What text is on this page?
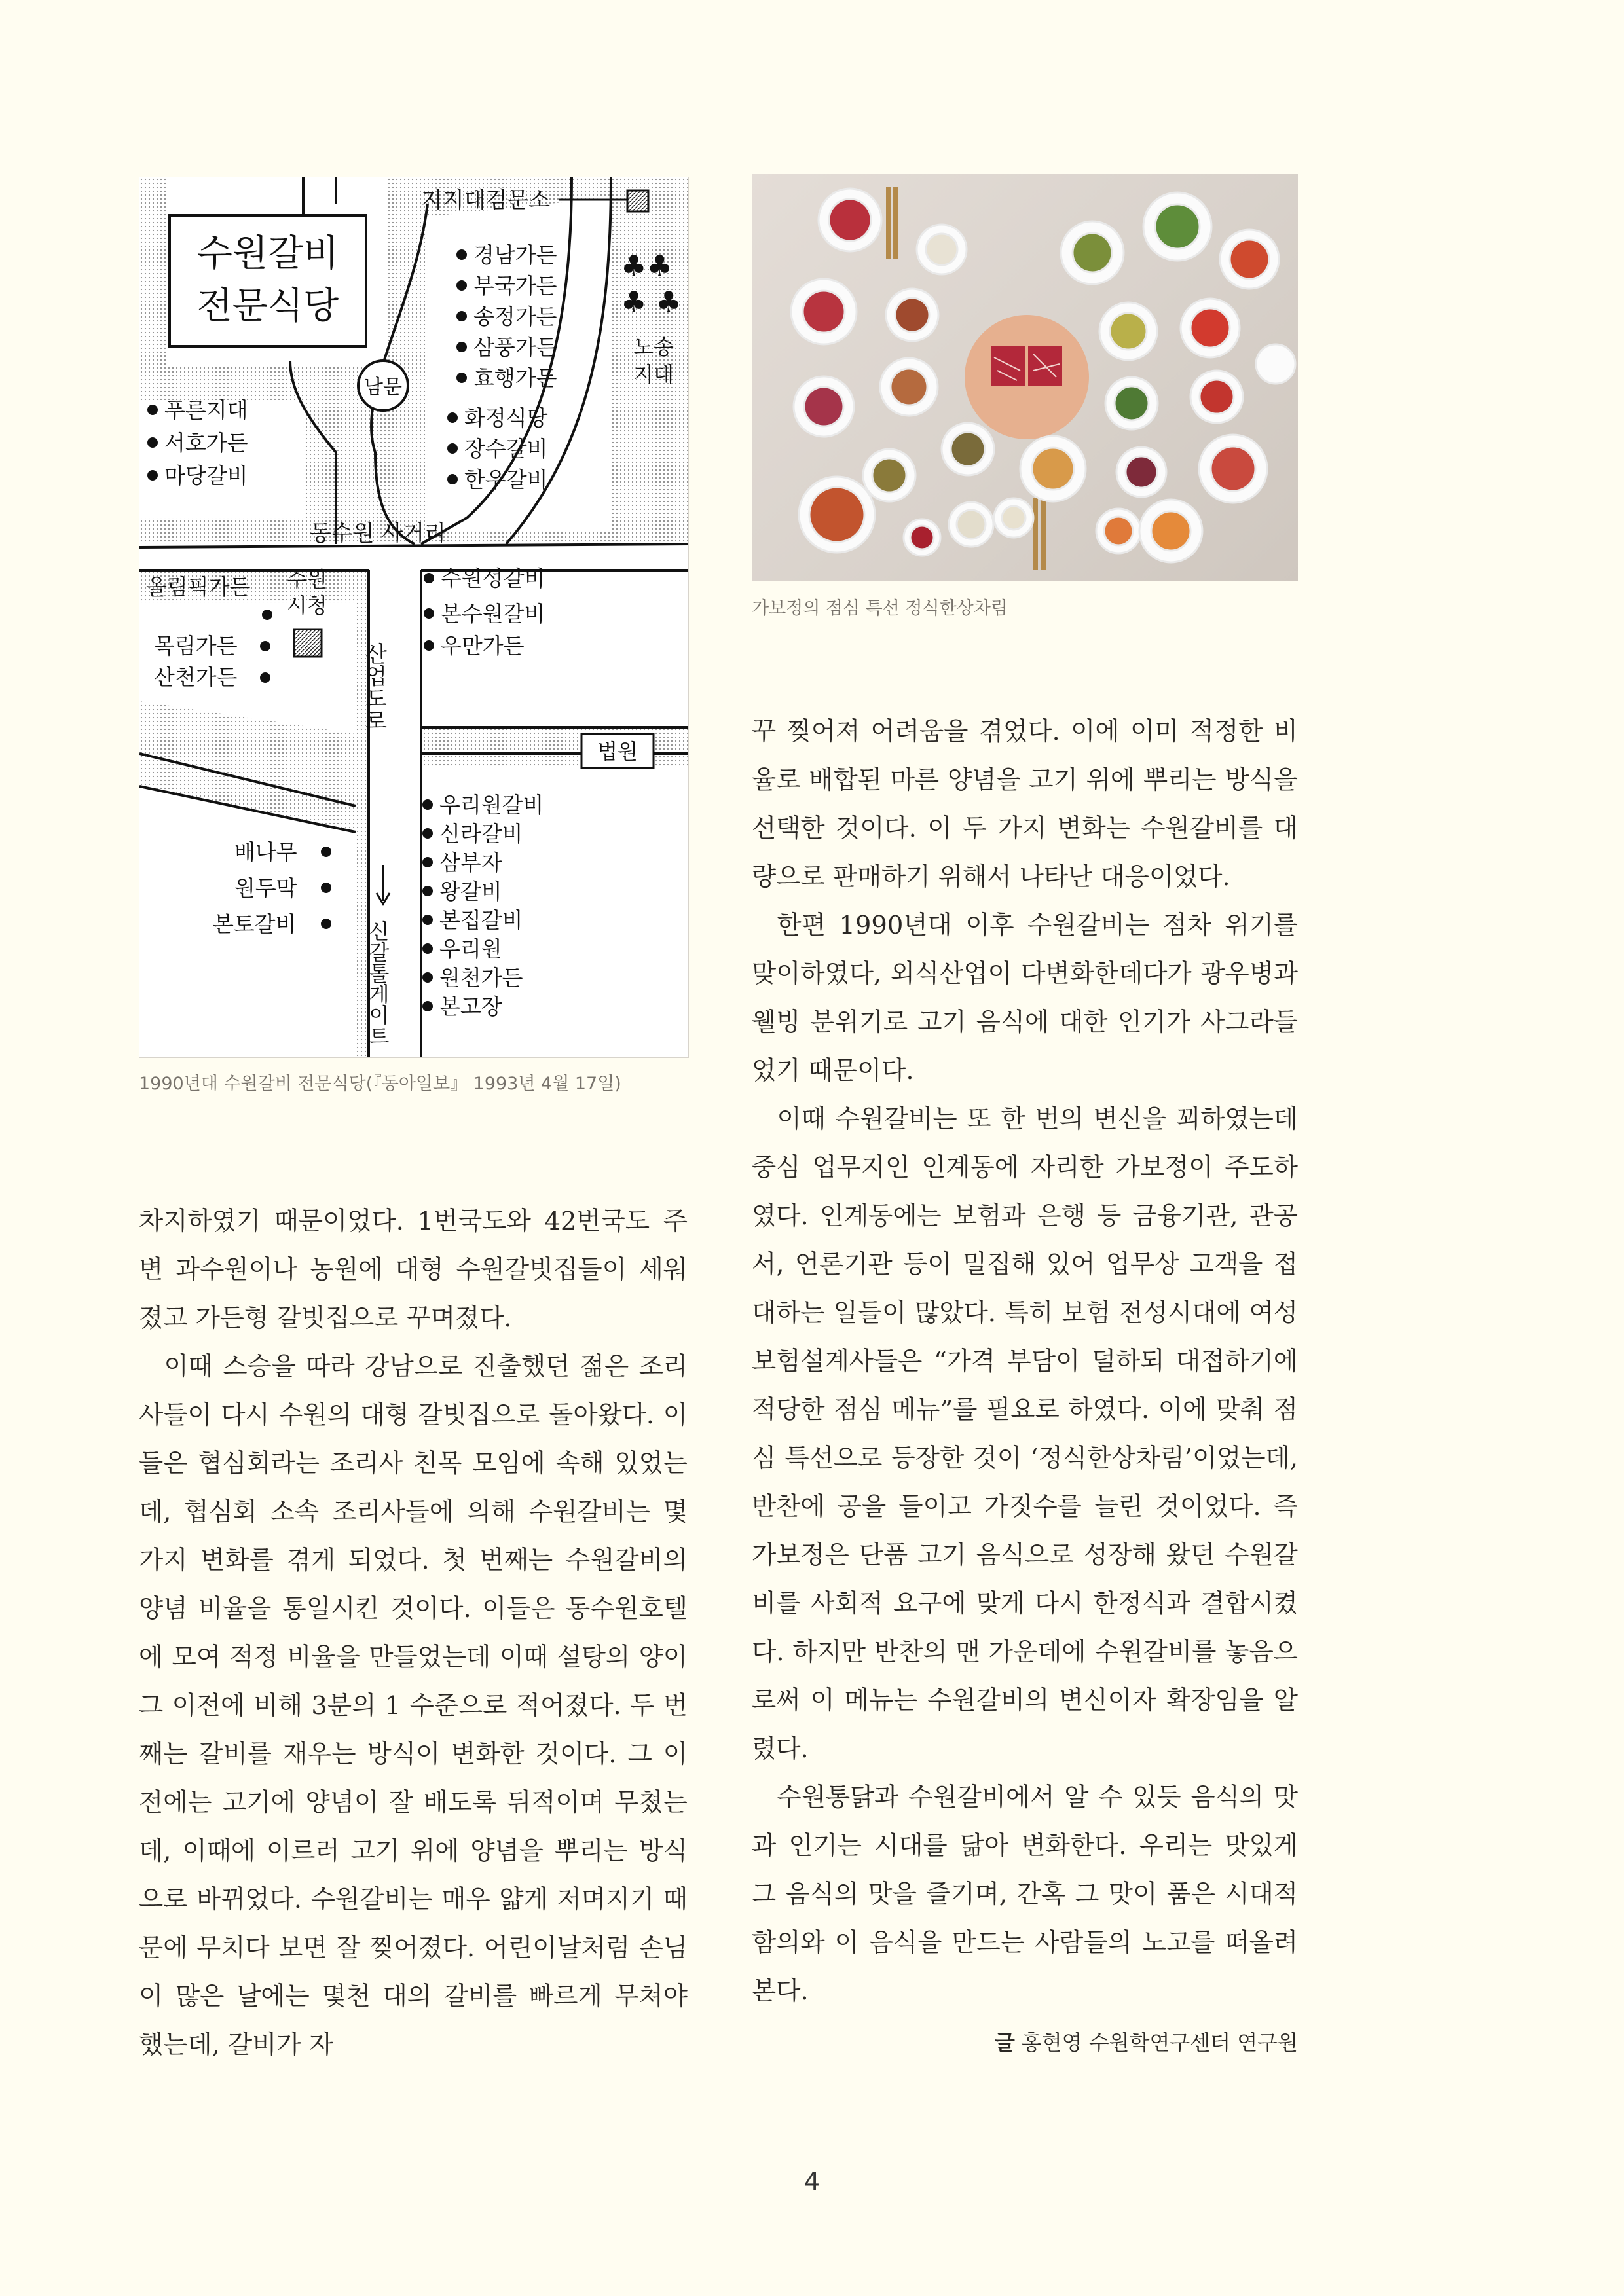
수원갈비
전문식당
지지대검문소
♣♣
♣ ♣
노송
지대
경남가든
부국가든
송정가든
삼풍가든
효행가든
남문
화정식당
장수갈비
한우갈비
푸른지대
서호가든
마당갈비
동수원 사거리
수원성갈비
본수원갈비
우만가든
올림픽가든 수원
시청
목림가든
산천가든	산업도로
법원
우리원갈비
신라갈비
삼부자
왕갈비
본집갈비
우리원
원천가든
본고장
배나무
원두막
본토갈비	신갈톨게이트
1990년대 수원갈비 전문식당(『동아일보』 1993년 4월 17일)
가보정의 점심 특선 정식한상차림

차지하였기 때문이었다. 1번국도와 42번국도 주변 과수원이나 농원에 대형 수원갈빗집들이 세워졌고 가든형 갈빗집으로 꾸며졌다.

이때 스승을 따라 강남으로 진출했던 젊은 조리사들이 다시 수원의 대형 갈빗집으로 돌아왔다. 이들은 협심회라는 조리사 친목 모임에 속해 있었는데, 협심회 소속 조리사들에 의해 수원갈비는 몇 가지 변화를 겪게 되었다. 첫 번째는 수원갈비의 양념 비율을 통일시킨 것이다. 이들은 동수원호텔에 모여 적정 비율을 만들었는데 이때 설탕의 양이 그 이전에 비해 3분의 1 수준으로 적어졌다. 두 번째는 갈비를 재우는 방식이 변화한 것이다. 그 이전에는 고기에 양념이 잘 배도록 뒤적이며 무쳤는데, 이때에 이르러 고기 위에 양념을 뿌리는 방식으로 바뀌었다. 수원갈비는 매우 얇게 저며지기 때문에 무치다 보면 잘 찢어졌다. 어린이날처럼 손님이 많은 날에는 몇천 대의 갈비를 빠르게 무쳐야 했는데, 갈비가 자

꾸 찢어져 어려움을 겪었다. 이에 이미 적정한 비율로 배합된 마른 양념을 고기 위에 뿌리는 방식을 선택한 것이다. 이 두 가지 변화는 수원갈비를 대량으로 판매하기 위해서 나타난 대응이었다.

한편 1990년대 이후 수원갈비는 점차 위기를 맞이하였다, 외식산업이 다변화한데다가 광우병과 웰빙 분위기로 고기 음식에 대한 인기가 사그라들었기 때문이다.

이때 수원갈비는 또 한 번의 변신을 꾀하였는데 중심 업무지인 인계동에 자리한 가보정이 주도하였다. 인계동에는 보험과 은행 등 금융기관, 관공서, 언론기관 등이 밀집해 있어 업무상 고객을 접대하는 일들이 많았다. 특히 보험 전성시대에 여성 보험설계사들은 “가격 부담이 덜하되 대접하기에 적당한 점심 메뉴”를 필요로 하였다. 이에 맞춰 점심 특선으로 등장한 것이 ‘정식한상차림’이었는데, 반찬에 공을 들이고 가짓수를 늘린 것이었다. 즉 가보정은 단품 고기 음식으로 성장해 왔던 수원갈비를 사회적 요구에 맞게 다시 한정식과 결합시켰다. 하지만 반찬의 맨 가운데에 수원갈비를 놓음으로써 이 메뉴는 수원갈비의 변신이자 확장임을 알렸다.

수원통닭과 수원갈비에서 알 수 있듯 음식의 맛과 인기는 시대를 닮아 변화한다. 우리는 맛있게 그 음식의 맛을 즐기며, 간혹 그 맛이 품은 시대적 함의와 이 음식을 만드는 사람들의 노고를 떠올려 본다.

글 홍현영 수원학연구센터 연구원
4
